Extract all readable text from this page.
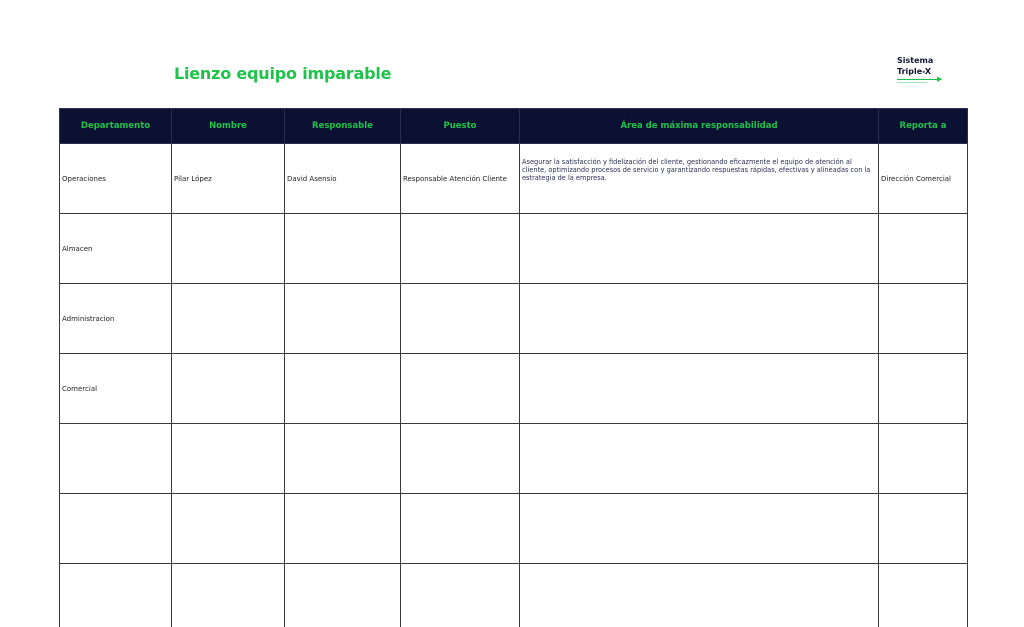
Lienzo equipo imparable
Sistema
Triple-X
▶
Departamento	Nombre	Responsable	Puesto	Área de máxima responsabilidad	Reporta a
Operaciones	Pilar López	David Asensio	Responsable Atención Cliente	Asegurar la satisfacción y fidelización del cliente, gestionando eficazmente el equipo de atención al cliente, optimizando procesos de servicio y garantizando respuestas rápidas, efectivas y alineadas con la estrategia de la empresa.	Dirección Comercial
Almacen					
Administracion					
Comercial					
